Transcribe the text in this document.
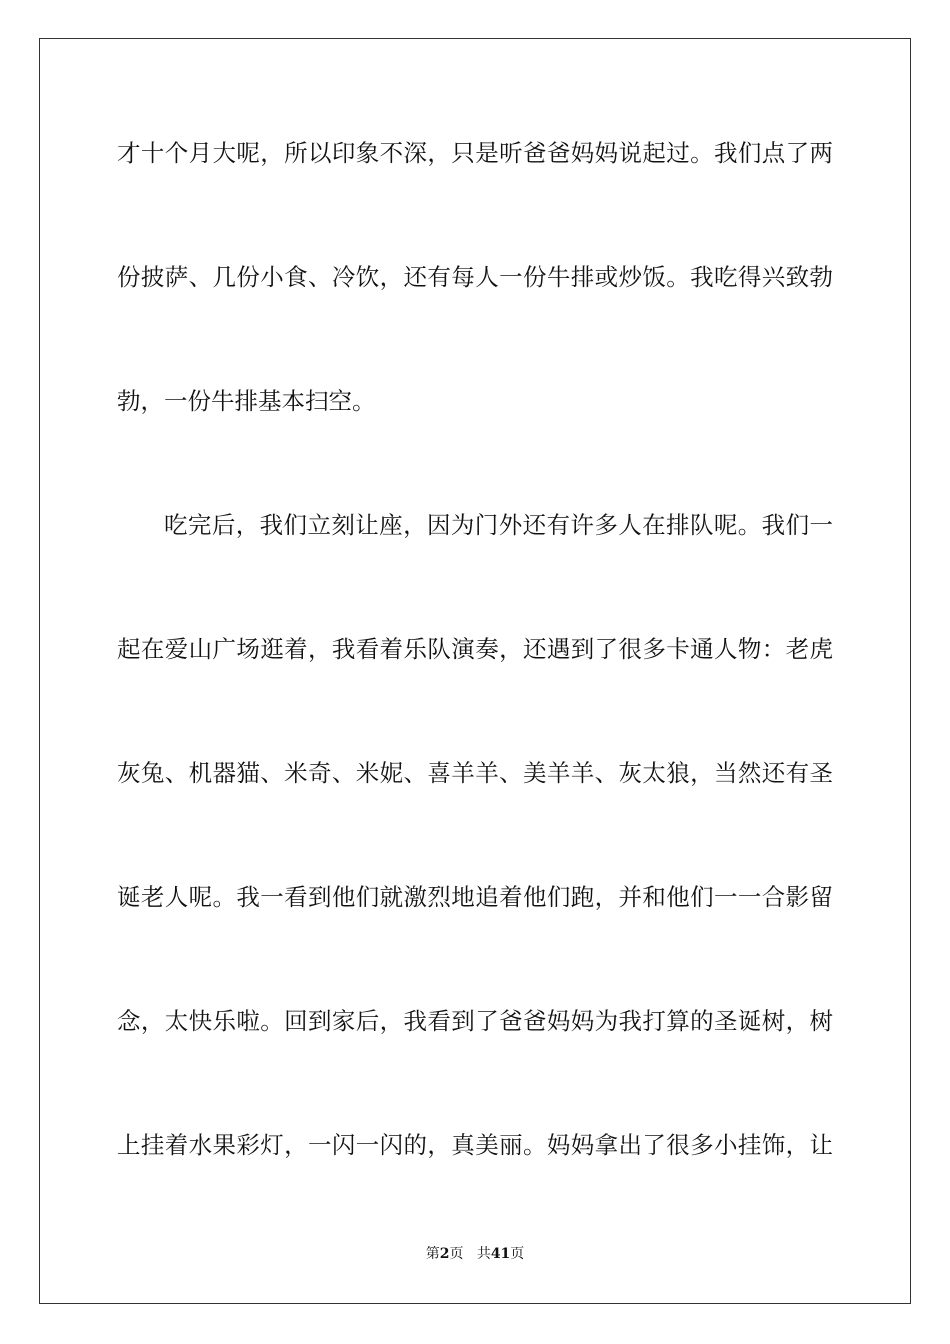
才十个月大呢，所以印象不深，只是听爸爸妈妈说起过。我们点了两
份披萨、几份小食、冷饮，还有每人一份牛排或炒饭。我吃得兴致勃
勃，一份牛排基本扫空。
吃完后，我们立刻让座，因为门外还有许多人在排队呢。我们一
起在爱山广场逛着，我看着乐队演奏，还遇到了很多卡通人物：老虎
灰兔、机器猫、米奇、米妮、喜羊羊、美羊羊、灰太狼，当然还有圣
诞老人呢。我一看到他们就激烈地追着他们跑，并和他们一一合影留
念，太快乐啦。回到家后，我看到了爸爸妈妈为我打算的圣诞树，树
上挂着水果彩灯，一闪一闪的，真美丽。妈妈拿出了很多小挂饰，让
第2页 共41页
